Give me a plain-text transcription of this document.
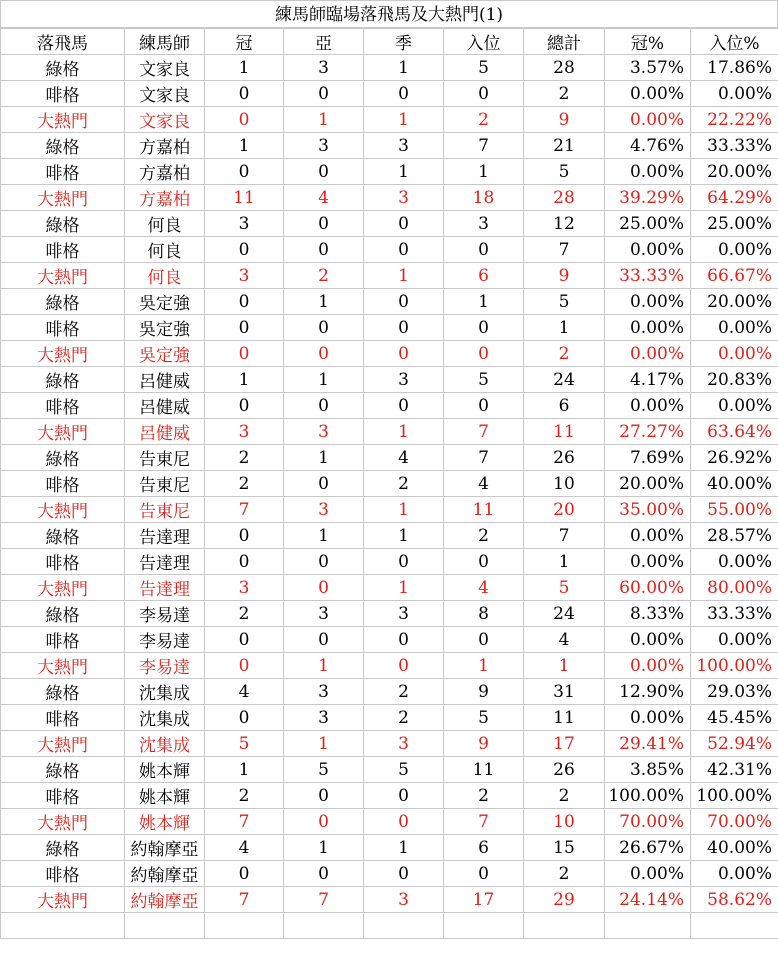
練馬師臨場落飛馬及大熱門(1)
落飛馬	練馬師	冠	亞	季	入位	總計	冠%	入位%
綠格	文家良	1	3	1	5	28	3.57%	17.86%
啡格	文家良	0	0	0	0	2	0.00%	0.00%
大熱門	文家良	0	1	1	2	9	0.00%	22.22%
綠格	方嘉柏	1	3	3	7	21	4.76%	33.33%
啡格	方嘉柏	0	0	1	1	5	0.00%	20.00%
大熱門	方嘉柏	11	4	3	18	28	39.29%	64.29%
綠格	何良	3	0	0	3	12	25.00%	25.00%
啡格	何良	0	0	0	0	7	0.00%	0.00%
大熱門	何良	3	2	1	6	9	33.33%	66.67%
綠格	吳定強	0	1	0	1	5	0.00%	20.00%
啡格	吳定強	0	0	0	0	1	0.00%	0.00%
大熱門	吳定強	0	0	0	0	2	0.00%	0.00%
綠格	呂健威	1	1	3	5	24	4.17%	20.83%
啡格	呂健威	0	0	0	0	6	0.00%	0.00%
大熱門	呂健威	3	3	1	7	11	27.27%	63.64%
綠格	告東尼	2	1	4	7	26	7.69%	26.92%
啡格	告東尼	2	0	2	4	10	20.00%	40.00%
大熱門	告東尼	7	3	1	11	20	35.00%	55.00%
綠格	告達理	0	1	1	2	7	0.00%	28.57%
啡格	告達理	0	0	0	0	1	0.00%	0.00%
大熱門	告達理	3	0	1	4	5	60.00%	80.00%
綠格	李易達	2	3	3	8	24	8.33%	33.33%
啡格	李易達	0	0	0	0	4	0.00%	0.00%
大熱門	李易達	0	1	0	1	1	0.00%	100.00%
綠格	沈集成	4	3	2	9	31	12.90%	29.03%
啡格	沈集成	0	3	2	5	11	0.00%	45.45%
大熱門	沈集成	5	1	3	9	17	29.41%	52.94%
綠格	姚本輝	1	5	5	11	26	3.85%	42.31%
啡格	姚本輝	2	0	0	2	2	100.00%	100.00%
大熱門	姚本輝	7	0	0	7	10	70.00%	70.00%
綠格	約翰摩亞	4	1	1	6	15	26.67%	40.00%
啡格	約翰摩亞	0	0	0	0	2	0.00%	0.00%
大熱門	約翰摩亞	7	7	3	17	29	24.14%	58.62%
